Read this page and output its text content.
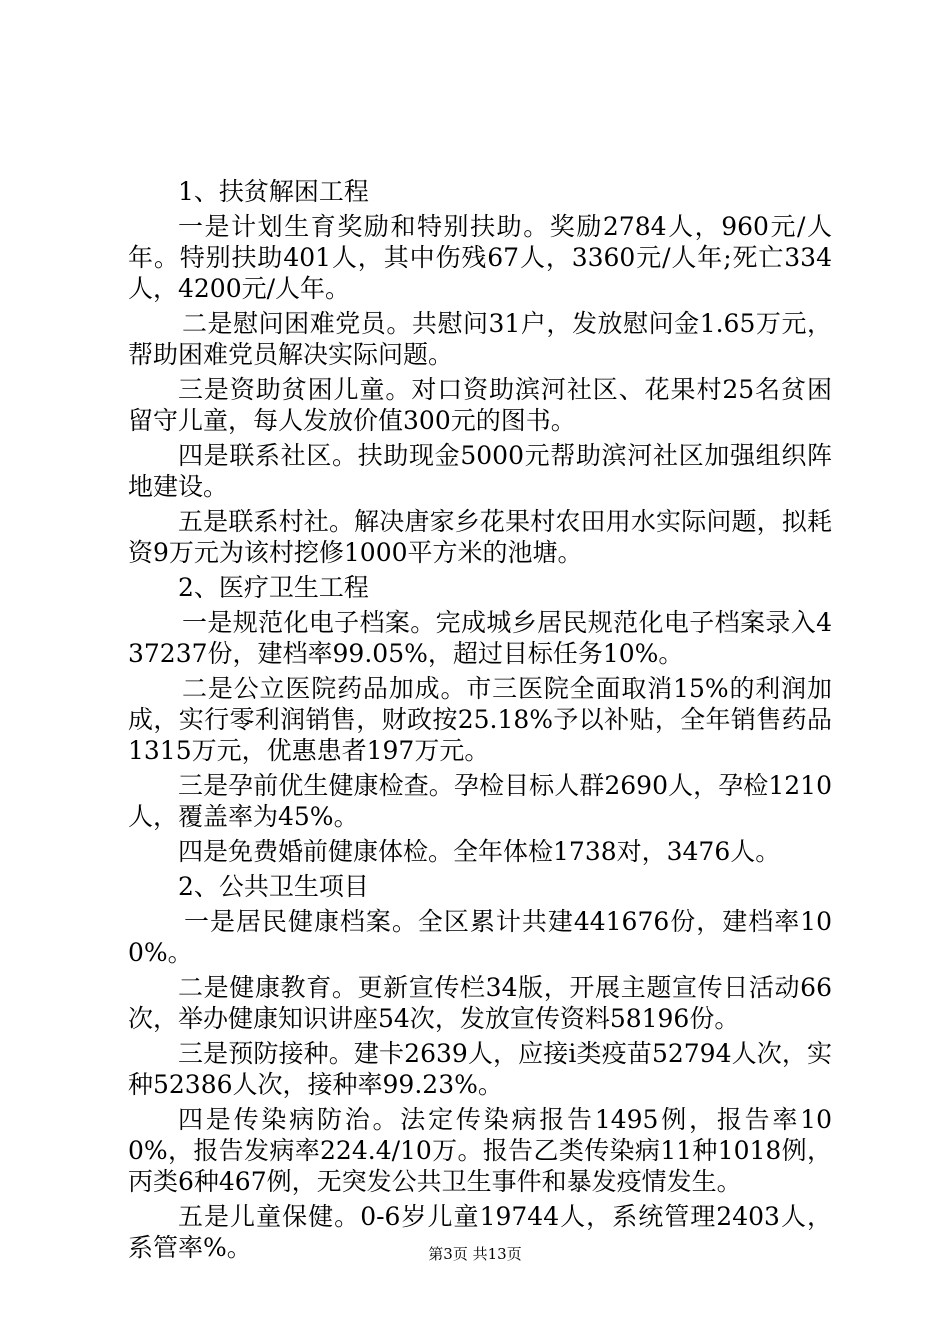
1、扶贫解困工程

一是计划生育奖励和特别扶助。奖励2784人，960元/人年。特别扶助401人，其中伤残67人，3360元/人年;死亡334人，4200元/人年。

二是慰问困难党员。共慰问31户，发放慰问金1.65万元，帮助困难党员解决实际问题。

三是资助贫困儿童。对口资助滨河社区、花果村25名贫困留守儿童，每人发放价值300元的图书。

四是联系社区。扶助现金5000元帮助滨河社区加强组织阵地建设。

五是联系村社。解决唐家乡花果村农田用水实际问题，拟耗资9万元为该村挖修1000平方米的池塘。

2、医疗卫生工程

一是规范化电子档案。完成城乡居民规范化电子档案录入437237份，建档率99.05%，超过目标任务10%。

二是公立医院药品加成。市三医院全面取消15%的利润加成，实行零利润销售，财政按25.18%予以补贴，全年销售药品1315万元，优惠患者197万元。

三是孕前优生健康检查。孕检目标人群2690人，孕检1210人，覆盖率为45%。

四是免费婚前健康体检。全年体检1738对，3476人。

2、公共卫生项目

一是居民健康档案。全区累计共建441676份，建档率100%。

二是健康教育。更新宣传栏34版，开展主题宣传日活动66次，举办健康知识讲座54次，发放宣传资料58196份。

三是预防接种。建卡2639人，应接i类疫苗52794人次，实种52386人次，接种率99.23%。

四是传染病防治。法定传染病报告1495例，报告率100%，报告发病率224.4/10万。报告乙类传染病11种1018例，丙类6种467例，无突发公共卫生事件和暴发疫情发生。

五是儿童保健。0-6岁儿童19744人，系统管理2403人，系管率%。	第3页 共13页
